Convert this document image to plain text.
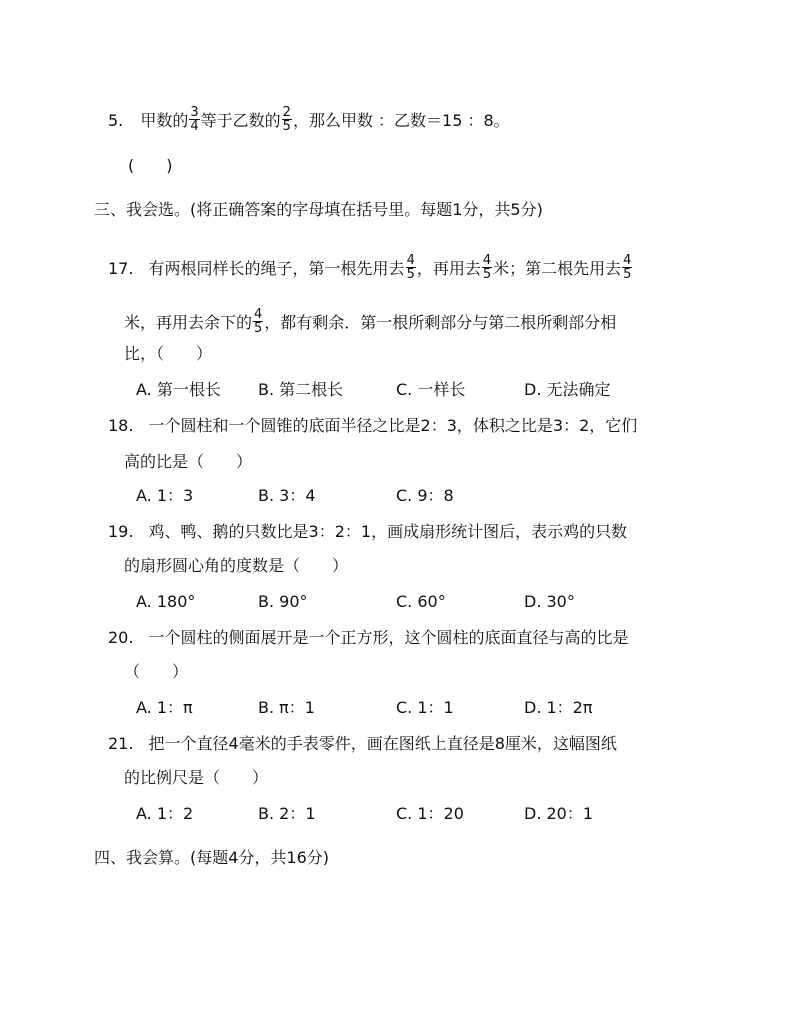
5. 甲数的 $\frac{3}{4}$ 等于乙数的 $\frac{2}{5}$ ，那么甲数 ：乙数＝15 ：8。
(　　)
三、我会选。(将正确答案的字母填在括号里。每题1分，共5分)
17. 有两根同样长的绳子，第一根先用去 $\frac{4}{5}$ ，再用去 $\frac{4}{5}$ 米；第二根先用去 $\frac{4}{5}$
米，再用去余下的 $\frac{4}{5}$ ，都有剩余．第一根所剩部分与第二根所剩部分相
比，（　　）
A. 第一根长 B. 第二根长	C. 一样长	D. 无法确定
18. 一个圆柱和一个圆锥的底面半径之比是2：3，体积之比是3：2，它们
高的比是（　　）
A. 1：3	B. 3：4	C. 9：8
19. 鸡、鸭、鹅的只数比是3：2：1，画成扇形统计图后，表示鸡的只数
的扇形圆心角的度数是（　　）
A. 180°	B. 90°	C. 60°	D. 30°
20. 一个圆柱的侧面展开是一个正方形，这个圆柱的底面直径与高的比是
（　　）
A. 1：π	B. π：1	C. 1：1	D. 1：2π
21. 把一个直径4毫米的手表零件，画在图纸上直径是8厘米，这幅图纸
的比例尺是（　　）
A. 1：2	B. 2：1	C. 1：20	D. 20：1
四、我会算。(每题4分，共16分)
